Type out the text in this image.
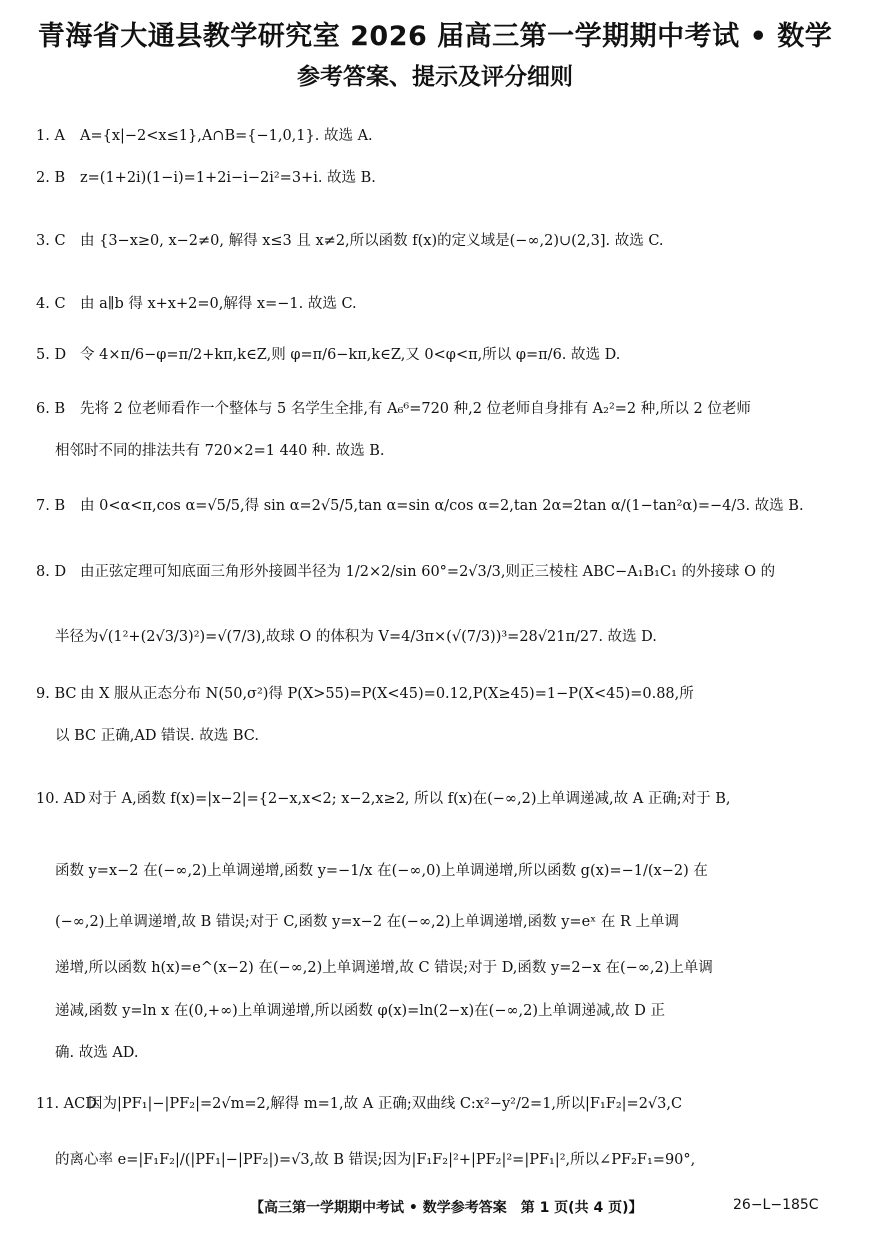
青海省大通县教学研究室 2026 届高三第一学期期中考试 • 数学
参考答案、提示及评分细则
1. A A={x|−2<x≤1},A∩B={−1,0,1}. 故选 A.
2. B z=(1+2i)(1−i)=1+2i−i−2i²=3+i. 故选 B.
3. C 由 {3−x≥0, x−2≠0, 解得 x≤3 且 x≠2,所以函数 f(x)的定义域是(−∞,2)∪(2,3]. 故选 C.
4. C 由 a∥b 得 x+x+2=0,解得 x=−1. 故选 C.
5. D 令 4×π/6−φ=π/2+kπ,k∈Z,则 φ=π/6−kπ,k∈Z,又 0<φ<π,所以 φ=π/6. 故选 D.
6. B 先将 2 位老师看作一个整体与 5 名学生全排,有 A₆⁶=720 种,2 位老师自身排有 A₂²=2 种,所以 2 位老师
相邻时不同的排法共有 720×2=1 440 种. 故选 B.
7. B 由 0<α<π,cos α=√5/5,得 sin α=2√5/5,tan α=sin α/cos α=2,tan 2α=2tan α/(1−tan²α)=−4/3. 故选 B.
8. D 由正弦定理可知底面三角形外接圆半径为 1/2×2/sin 60°=2√3/3,则正三棱柱 ABC−A₁B₁C₁ 的外接球 O 的
半径为√(1²+(2√3/3)²)=√(7/3),故球 O 的体积为 V=4/3π×(√(7/3))³=28√21π/27. 故选 D.
9. BC 由 X 服从正态分布 N(50,σ²)得 P(X>55)=P(X<45)=0.12,P(X≥45)=1−P(X<45)=0.88,所
以 BC 正确,AD 错误. 故选 BC.
10. AD 对于 A,函数 f(x)=|x−2|={2−x,x<2; x−2,x≥2, 所以 f(x)在(−∞,2)上单调递减,故 A 正确;对于 B,
函数 y=x−2 在(−∞,2)上单调递增,函数 y=−1/x 在(−∞,0)上单调递增,所以函数 g(x)=−1/(x−2) 在
(−∞,2)上单调递增,故 B 错误;对于 C,函数 y=x−2 在(−∞,2)上单调递增,函数 y=eˣ 在 R 上单调
递增,所以函数 h(x)=e^(x−2) 在(−∞,2)上单调递增,故 C 错误;对于 D,函数 y=2−x 在(−∞,2)上单调
递减,函数 y=ln x 在(0,+∞)上单调递增,所以函数 φ(x)=ln(2−x)在(−∞,2)上单调递减,故 D 正
确. 故选 AD.
11. ACD因为|PF₁|−|PF₂|=2√m=2,解得 m=1,故 A 正确;双曲线 C:x²−y²/2=1,所以|F₁F₂|=2√3,C
的离心率 e=|F₁F₂|/(|PF₁|−|PF₂|)=√3,故 B 错误;因为|F₁F₂|²+|PF₂|²=|PF₁|²,所以∠PF₂F₁=90°,
【高三第一学期期中考试 • 数学参考答案　第 1 页(共 4 页)】	26−L−185C
